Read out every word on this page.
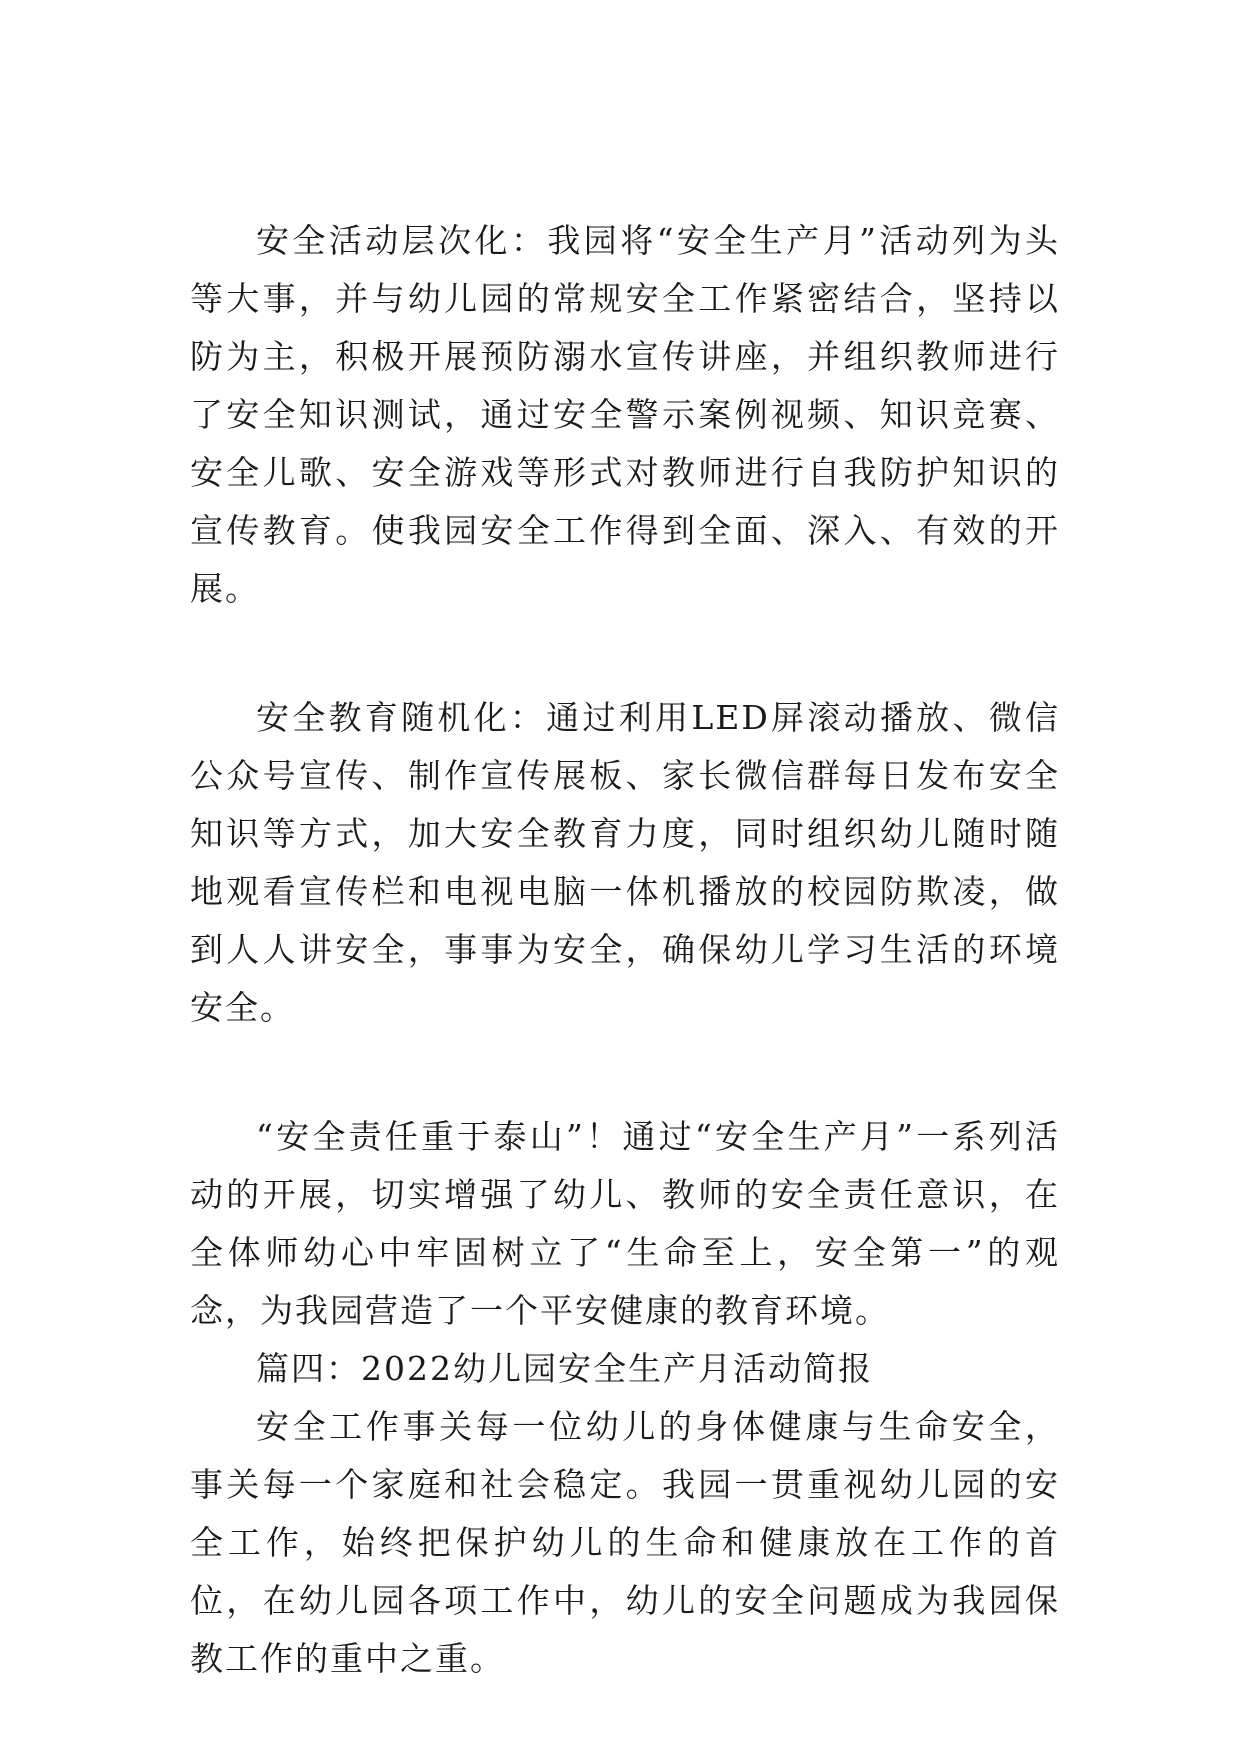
安全活动层次化：我园将“安全生产月”活动列为头等大事，并与幼儿园的常规安全工作紧密结合，坚持以防为主，积极开展预防溺水宣传讲座，并组织教师进行了安全知识测试，通过安全警示案例视频、知识竞赛、安全儿歌、安全游戏等形式对教师进行自我防护知识的宣传教育。使我园安全工作得到全面、深入、有效的开展。

安全教育随机化：通过利用LED屏滚动播放、微信公众号宣传、制作宣传展板、家长微信群每日发布安全知识等方式，加大安全教育力度，同时组织幼儿随时随地观看宣传栏和电视电脑一体机播放的校园防欺凌，做到人人讲安全，事事为安全，确保幼儿学习生活的环境安全。

“安全责任重于泰山”！通过“安全生产月”一系列活动的开展，切实增强了幼儿、教师的安全责任意识，在全体师幼心中牢固树立了“生命至上，安全第一”的观念，为我园营造了一个平安健康的教育环境。

篇四：2022幼儿园安全生产月活动简报

安全工作事关每一位幼儿的身体健康与生命安全，事关每一个家庭和社会稳定。我园一贯重视幼儿园的安全工作，始终把保护幼儿的生命和健康放在工作的首位，在幼儿园各项工作中，幼儿的安全问题成为我园保教工作的重中之重。
